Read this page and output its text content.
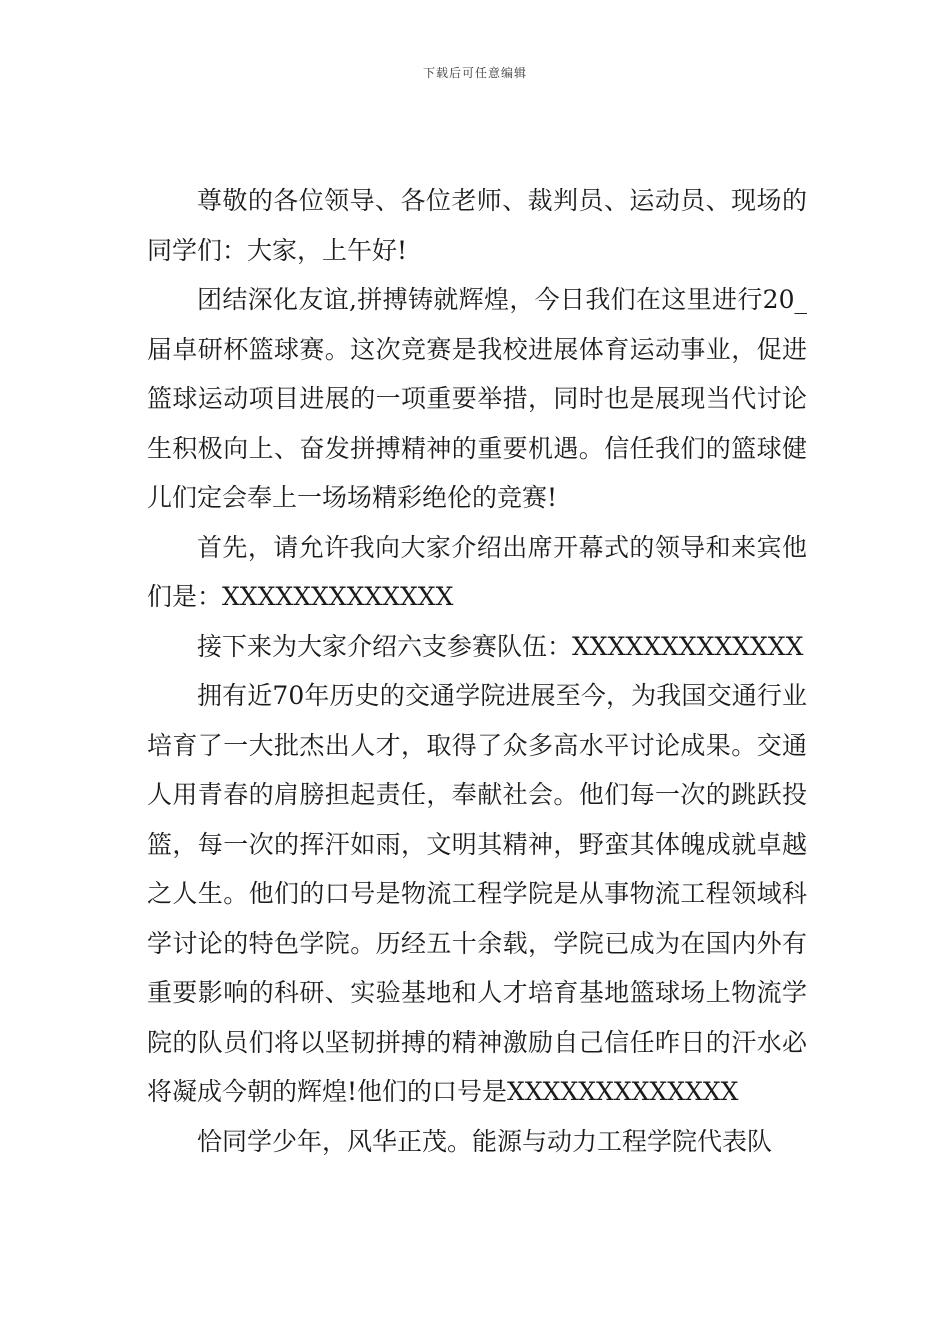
下载后可任意编辑

尊敬的各位领导、各位老师、裁判员、运动员、现场的同学们：大家，上午好!

团结深化友谊,拼搏铸就辉煌，今日我们在这里进行20_届卓研杯篮球赛。这次竞赛是我校进展体育运动事业，促进篮球运动项目进展的一项重要举措，同时也是展现当代讨论生积极向上、奋发拼搏精神的重要机遇。信任我们的篮球健儿们定会奉上一场场精彩绝伦的竞赛!

首先，请允许我向大家介绍出席开幕式的领导和来宾他们是：XXXXXXXXXXXXX

接下来为大家介绍六支参赛队伍：XXXXXXXXXXXXX

拥有近70年历史的交通学院进展至今，为我国交通行业培育了一大批杰出人才，取得了众多高水平讨论成果。交通人用青春的肩膀担起责任，奉献社会。他们每一次的跳跃投篮，每一次的挥汗如雨，文明其精神，野蛮其体魄成就卓越之人生。他们的口号是物流工程学院是从事物流工程领域科学讨论的特色学院。历经五十余载，学院已成为在国内外有重要影响的科研、实验基地和人才培育基地篮球场上物流学院的队员们将以坚韧拼搏的精神激励自己信任昨日的汗水必将凝成今朝的辉煌!他们的口号是XXXXXXXXXXXXX

恰同学少年，风华正茂。能源与动力工程学院代表队
